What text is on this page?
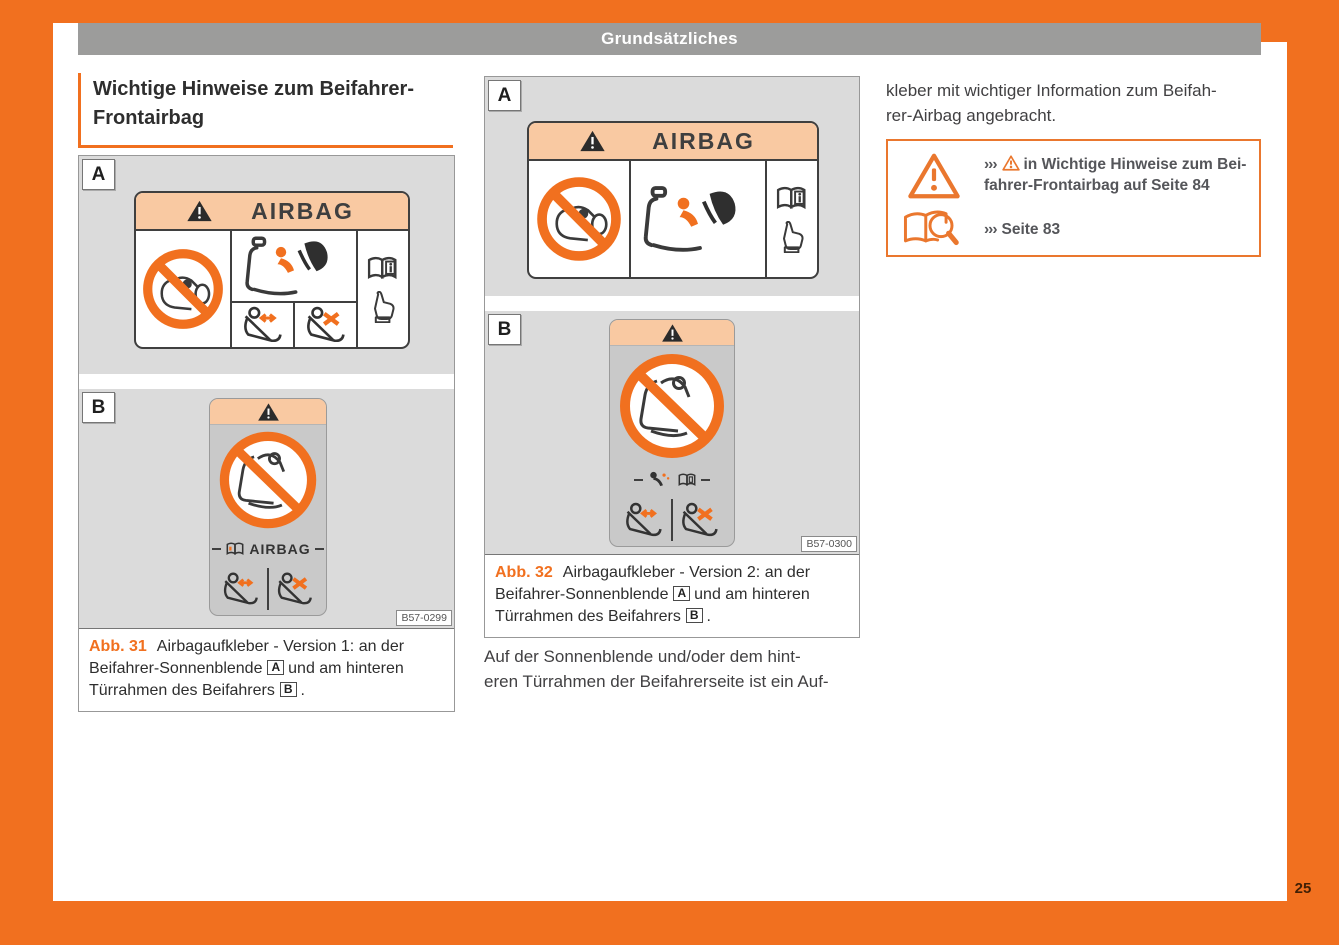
Grundsätzliches
25
Wichtige Hinweise zum Beifahrer-
Frontairbag
A
AIRBAG
B
AIRBAG
B57-0299
Abb. 31 Airbagaufkleber - Version 1: an der
Beifahrer-Sonnenblende A und am hinteren
Türrahmen des Beifahrers B .
A
AIRBAG
B
B57-0300
Abb. 32 Airbagaufkleber - Version 2: an der
Beifahrer-Sonnenblende A und am hinteren
Türrahmen des Beifahrers B .
Auf der Sonnenblende und/oder dem hint-
eren Türrahmen der Beifahrerseite ist ein Auf-
kleber mit wichtiger Information zum Beifah-
rer-Airbag angebracht.
››› in Wichtige Hinweise zum Bei-
fahrer-Frontairbag auf Seite 84
››› Seite 83
